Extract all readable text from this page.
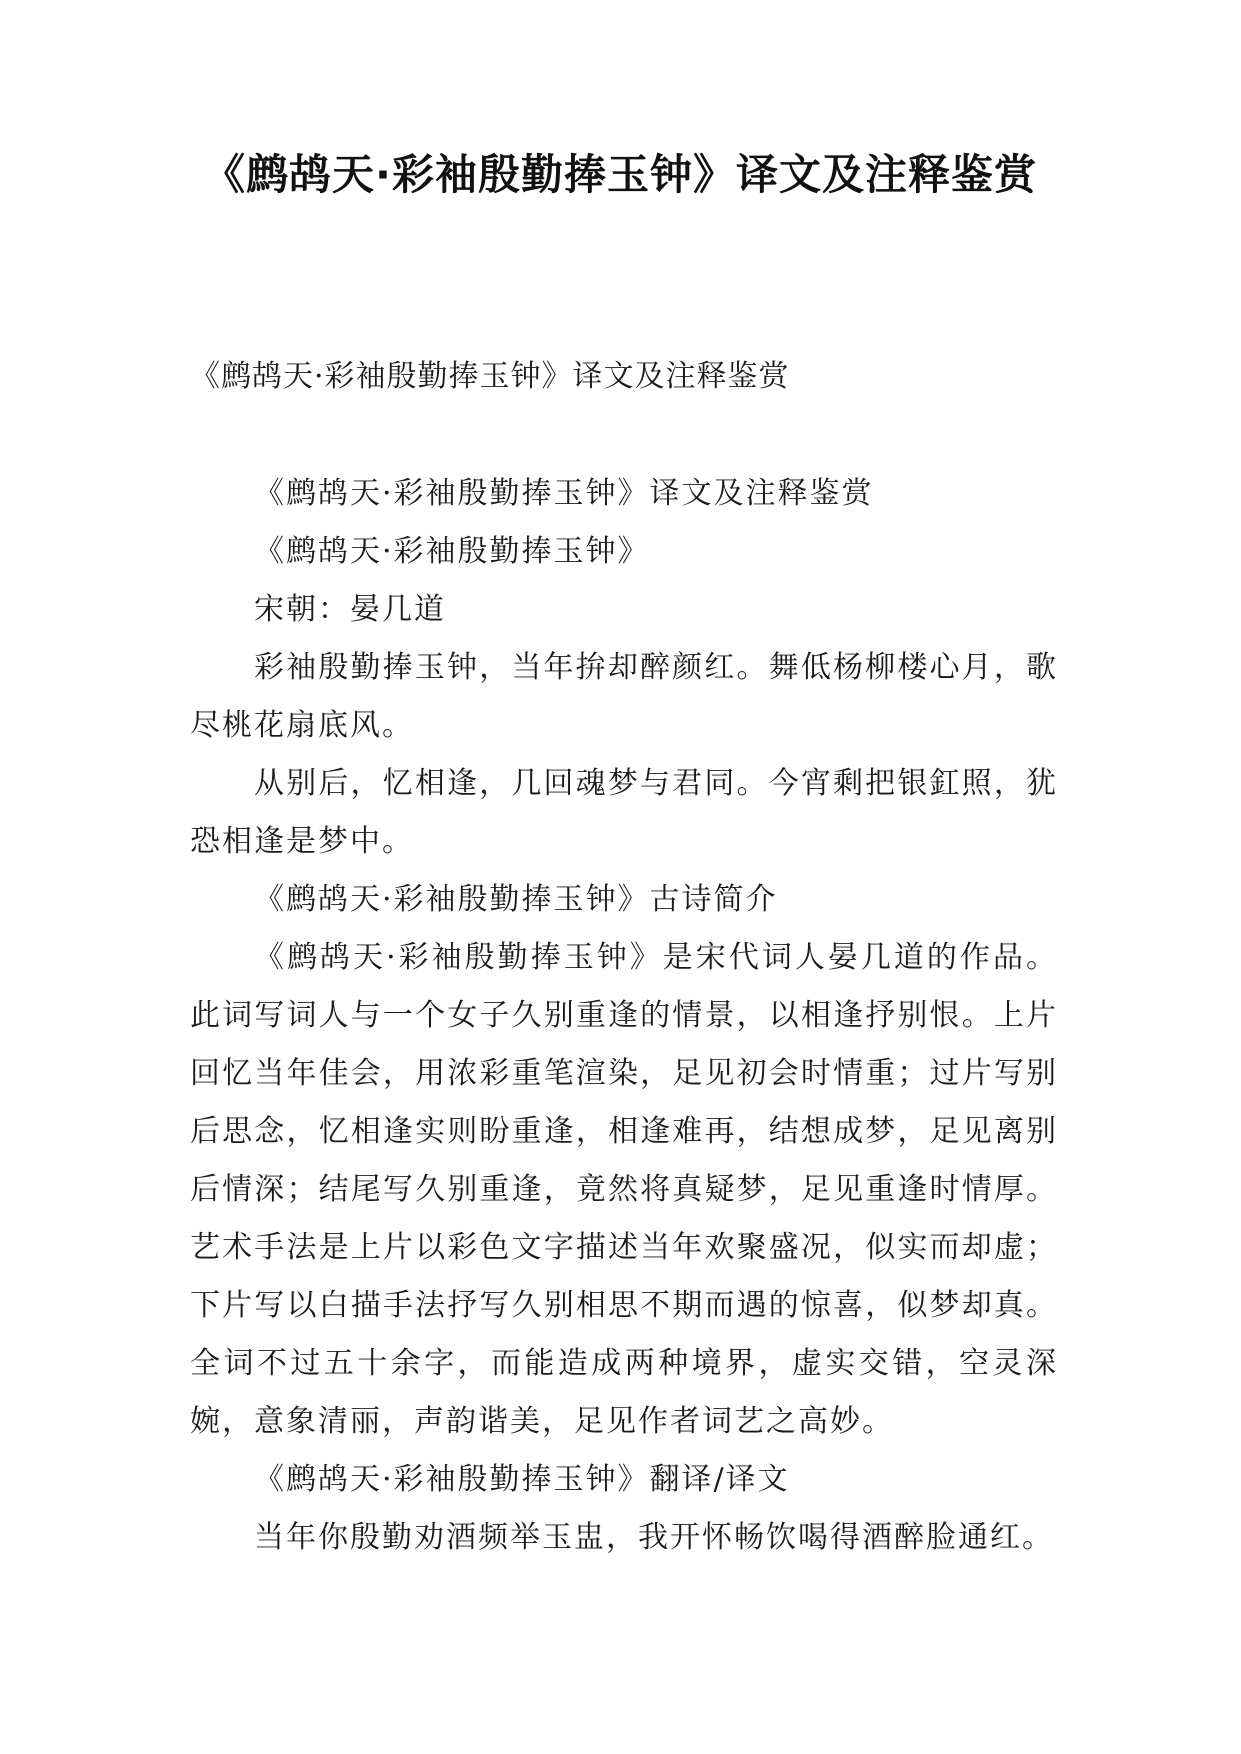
《鹧鸪天·彩袖殷勤捧玉钟》译文及注释鉴赏

《鹧鸪天·彩袖殷勤捧玉钟》译文及注释鉴赏

《鹧鸪天·彩袖殷勤捧玉钟》译文及注释鉴赏

《鹧鸪天·彩袖殷勤捧玉钟》

宋朝：晏几道

彩袖殷勤捧玉钟，当年拚却醉颜红。舞低杨柳楼心月，歌尽桃花扇底风。

从别后，忆相逢，几回魂梦与君同。今宵剩把银釭照，犹恐相逢是梦中。

《鹧鸪天·彩袖殷勤捧玉钟》古诗简介

《鹧鸪天·彩袖殷勤捧玉钟》是宋代词人晏几道的作品。此词写词人与一个女子久别重逢的情景，以相逢抒别恨。上片回忆当年佳会，用浓彩重笔渲染，足见初会时情重；过片写别后思念，忆相逢实则盼重逢，相逢难再，结想成梦，足见离别后情深；结尾写久别重逢，竟然将真疑梦，足见重逢时情厚。艺术手法是上片以彩色文字描述当年欢聚盛况，似实而却虚；下片写以白描手法抒写久别相思不期而遇的惊喜，似梦却真。全词不过五十余字，而能造成两种境界，虚实交错，空灵深婉，意象清丽，声韵谐美，足见作者词艺之高妙。

《鹧鸪天·彩袖殷勤捧玉钟》翻译/译文

当年你殷勤劝酒频举玉盅，我开怀畅饮喝得酒醉脸通红。
